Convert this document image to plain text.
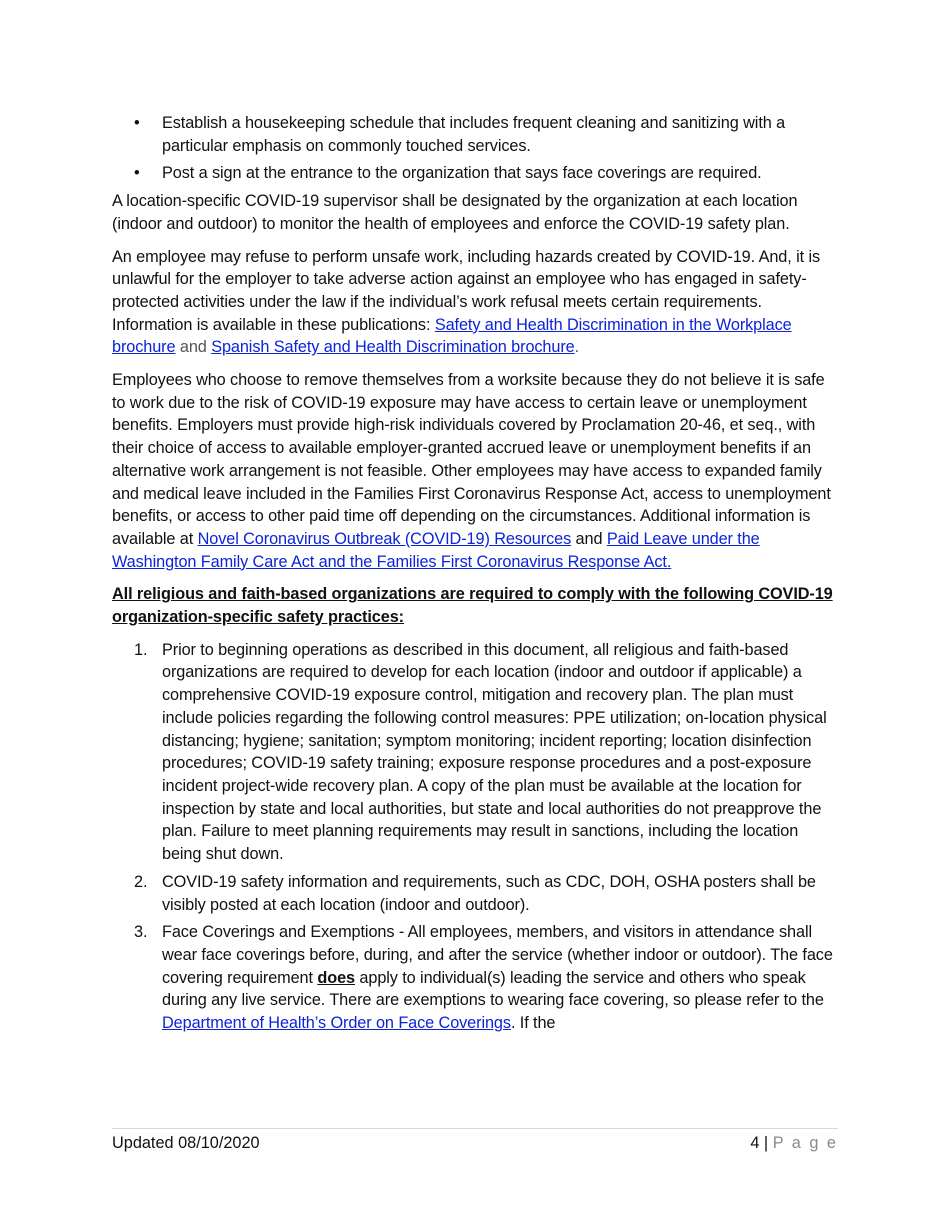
• Establish a housekeeping schedule that includes frequent cleaning and sanitizing with a particular emphasis on commonly touched services.
• Post a sign at the entrance to the organization that says face coverings are required.

A location-specific COVID-19 supervisor shall be designated by the organization at each location (indoor and outdoor) to monitor the health of employees and enforce the COVID-19 safety plan.

An employee may refuse to perform unsafe work, including hazards created by COVID-19. And, it is unlawful for the employer to take adverse action against an employee who has engaged in safety-protected activities under the law if the individual’s work refusal meets certain requirements. Information is available in these publications: Safety and Health Discrimination in the Workplace brochure and Spanish Safety and Health Discrimination brochure.

Employees who choose to remove themselves from a worksite because they do not believe it is safe to work due to the risk of COVID-19 exposure may have access to certain leave or unemployment benefits. Employers must provide high-risk individuals covered by Proclamation 20-46, et seq., with their choice of access to available employer-granted accrued leave or unemployment benefits if an alternative work arrangement is not feasible. Other employees may have access to expanded family and medical leave included in the Families First Coronavirus Response Act, access to unemployment benefits, or access to other paid time off depending on the circumstances. Additional information is available at Novel Coronavirus Outbreak (COVID-19) Resources and Paid Leave under the Washington Family Care Act and the Families First Coronavirus Response Act.

All religious and faith-based organizations are required to comply with the following COVID-19 organization-specific safety practices:
1. Prior to beginning operations as described in this document, all religious and faith-based organizations are required to develop for each location (indoor and outdoor if applicable) a comprehensive COVID-19 exposure control, mitigation and recovery plan. The plan must include policies regarding the following control measures: PPE utilization; on-location physical distancing; hygiene; sanitation; symptom monitoring; incident reporting; location disinfection procedures; COVID-19 safety training; exposure response procedures and a post-exposure incident project-wide recovery plan. A copy of the plan must be available at the location for inspection by state and local authorities, but state and local authorities do not preapprove the plan. Failure to meet planning requirements may result in sanctions, including the location being shut down.
2. COVID-19 safety information and requirements, such as CDC, DOH, OSHA posters shall be visibly posted at each location (indoor and outdoor).
3. Face Coverings and Exemptions - All employees, members, and visitors in attendance shall wear face coverings before, during, and after the service (whether indoor or outdoor). The face covering requirement does apply to individual(s) leading the service and others who speak during any live service. There are exemptions to wearing face covering, so please refer to the Department of Health’s Order on Face Coverings. If the
Updated 08/10/2020	4 | P a g e
